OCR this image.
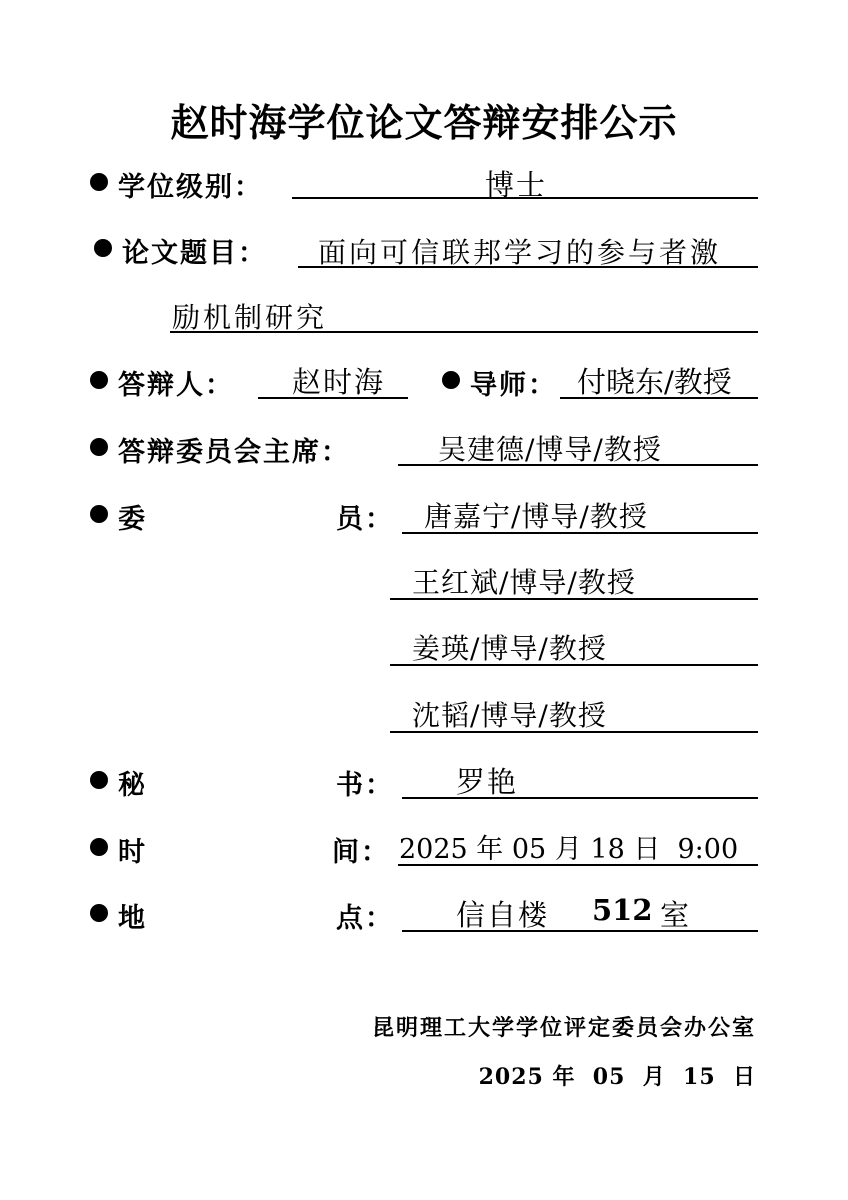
赵时海学位论文答辩安排公示
学位级别：	博士
论文题目： 面向可信联邦学习的参与者激
励机制研究
答辩人： 赵时海	导师： 付晓东/教授
答辩委员会主席：	吴建德/博导/教授
委	员： 唐嘉宁/博导/教授
王红斌/博导/教授
姜瑛/博导/教授
沈韬/博导/教授
秘	书： 罗艳
时	间： 2025 年 05 月 18 日  9:00
地	点： 信自楼 512 室
昆明理工大学学位评定委员会办公室
2025 年  05  月  15  日
